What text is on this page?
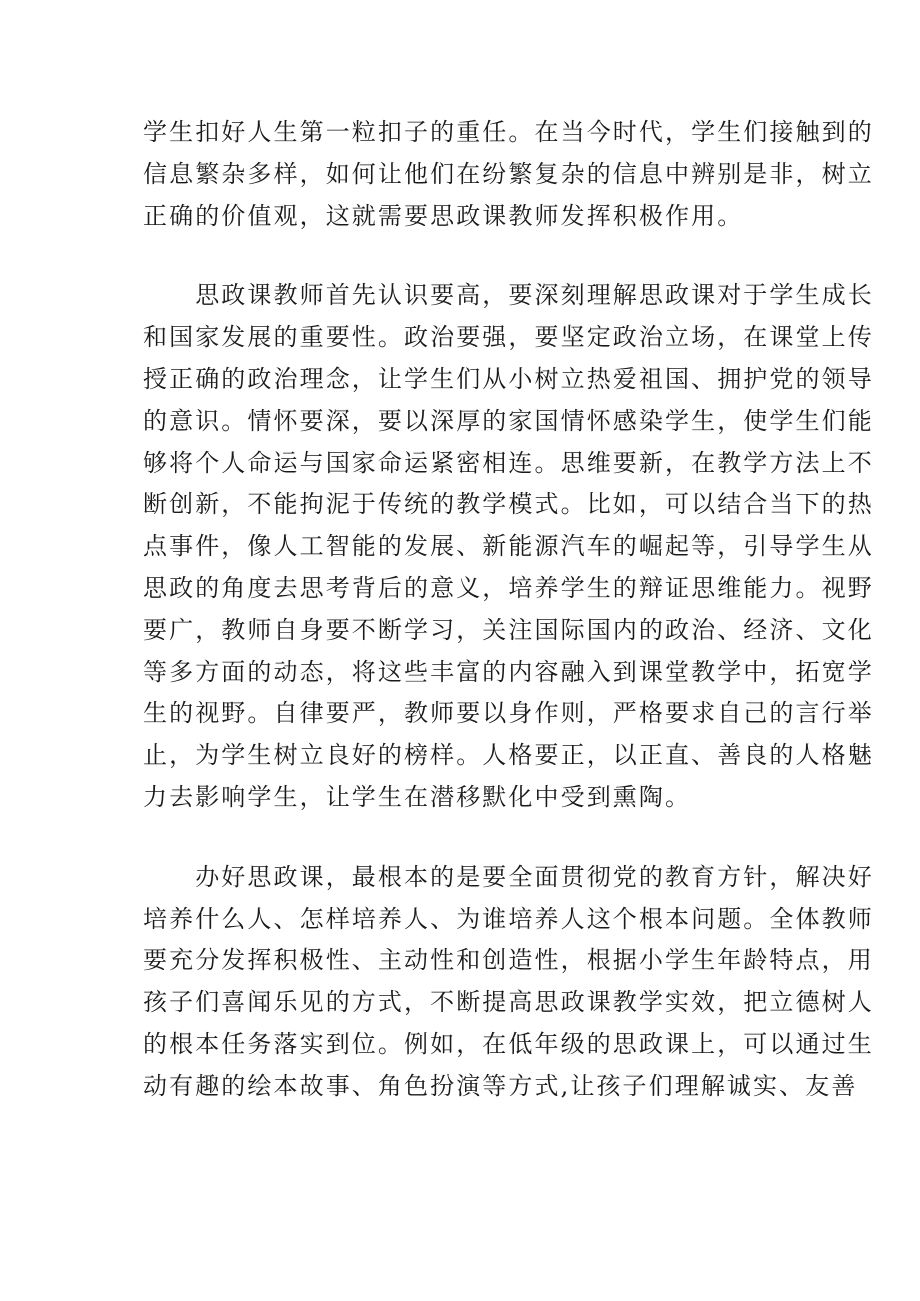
学生扣好人生第一粒扣子的重任。在当今时代，学生们接触到的
信息繁杂多样，如何让他们在纷繁复杂的信息中辨别是非，树立
正确的价值观，这就需要思政课教师发挥积极作用。
　　思政课教师首先认识要高，要深刻理解思政课对于学生成长
和国家发展的重要性。政治要强，要坚定政治立场，在课堂上传
授正确的政治理念，让学生们从小树立热爱祖国、拥护党的领导
的意识。情怀要深，要以深厚的家国情怀感染学生，使学生们能
够将个人命运与国家命运紧密相连。思维要新，在教学方法上不
断创新，不能拘泥于传统的教学模式。比如，可以结合当下的热
点事件，像人工智能的发展、新能源汽车的崛起等，引导学生从
思政的角度去思考背后的意义，培养学生的辩证思维能力。视野
要广，教师自身要不断学习，关注国际国内的政治、经济、文化
等多方面的动态，将这些丰富的内容融入到课堂教学中，拓宽学
生的视野。自律要严，教师要以身作则，严格要求自己的言行举
止，为学生树立良好的榜样。人格要正，以正直、善良的人格魅
力去影响学生，让学生在潜移默化中受到熏陶。
　　办好思政课，最根本的是要全面贯彻党的教育方针，解决好
培养什么人、怎样培养人、为谁培养人这个根本问题。全体教师
要充分发挥积极性、主动性和创造性，根据小学生年龄特点，用
孩子们喜闻乐见的方式，不断提高思政课教学实效，把立德树人
的根本任务落实到位。例如，在低年级的思政课上，可以通过生
动有趣的绘本故事、角色扮演等方式,让孩子们理解诚实、友善
